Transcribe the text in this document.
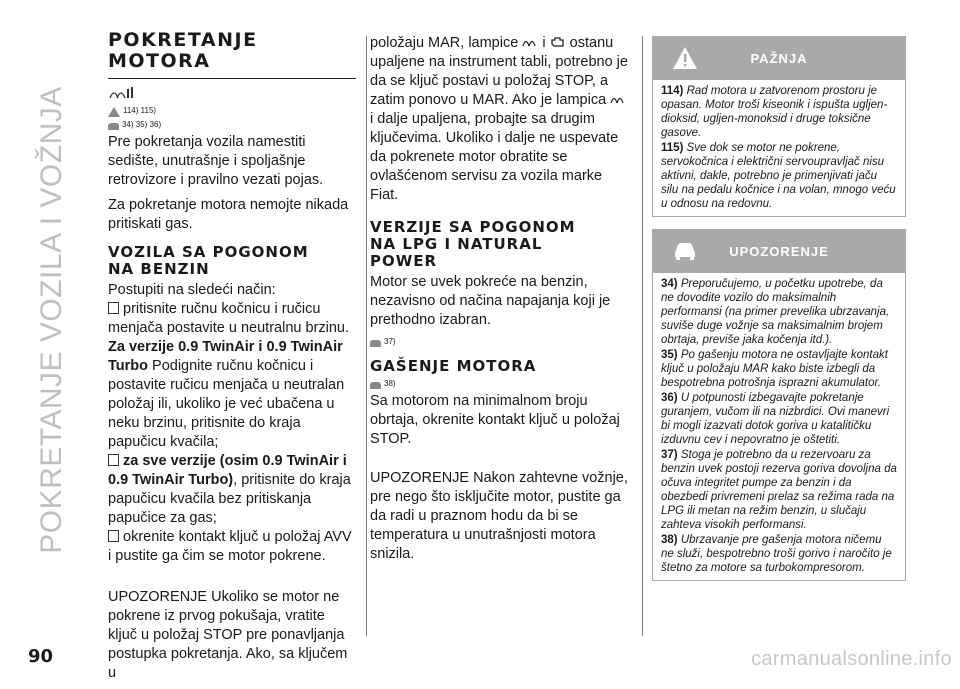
POKRETANJE VOZILA I VOŽNJA
POKRETANJE
MOTORA
114) 115)
34) 35) 36)

Pre pokretanja vozila namestiti sedište, unutrašnje i spoljašnje retrovizore i pravilno vezati pojas.

Za pokretanje motora nemojte nikada pritiskati gas.

VOZILA SA POGONOM
NA BENZIN

Postupiti na sledeći način:

pritisnite ručnu kočnicu i ručicu menjača postavite u neutralnu brzinu.

Za verzije 0.9 TwinAir i 0.9 TwinAir Turbo Podignite ručnu kočnicu i postavite ručicu menjača u neutralan položaj ili, ukoliko je već ubačena u neku brzinu, pritisnite do kraja papučicu kvačila;

za sve verzije (osim 0.9 TwinAir i 0.9 TwinAir Turbo), pritisnite do kraja papučicu kvačila bez pritiskanja papučice za gas;

okrenite kontakt ključ u položaj AVV i pustite ga čim se motor pokrene.

UPOZORENJE Ukoliko se motor ne pokrene iz prvog pokušaja, vratite ključ u položaj STOP pre ponavljanja postupka pokretanja. Ako, sa ključem u

položaju MAR, lampice i ostanu upaljene na instrument tabli, potrebno je da se ključ postavi u položaj STOP, a zatim ponovo u MAR. Ako je lampica  i dalje upaljena, probajte sa drugim ključevima. Ukoliko i dalje ne uspevate da pokrenete motor obratite se ovlašćenom servisu za vozila marke Fiat.

VERZIJE SA POGONOM
NA LPG I NATURAL
POWER

Motor se uvek pokreće na benzin, nezavisno od načina napajanja koji je prethodno izabran.

37)
GAŠENJE MOTORA
38)

Sa motorom na minimalnom broju obrtaja, okrenite kontakt ključ u položaj STOP.

UPOZORENJE Nakon zahtevne vožnje, pre nego što isključite motor, pustite ga da radi u praznom hodu da bi se temperatura u unutrašnjosti motora snizila.

PAŽNJA

114) Rad motora u zatvorenom prostoru je opasan. Motor troši kiseonik i ispušta ugljen-dioksid, ugljen-monoksid i druge toksične gasove.

115) Sve dok se motor ne pokrene, servokočnica i električni servoupravljač nisu aktivni, dakle, potrebno je primenjivati jaču silu na pedalu kočnice i na volan, mnogo veću u odnosu na redovnu.

UPOZORENJE

34) Preporučujemo, u početku upotrebe, da ne dovodite vozilo do maksimalnih performansi (na primer prevelika ubrzavanja, suviše duge vožnje sa maksimalnim brojem obrtaja, previše jaka kočenja itd.).

35) Po gašenju motora ne ostavljajte kontakt ključ u položaju MAR kako biste izbegli da bespotrebna potrošnja isprazni akumulator.

36) U potpunosti izbegavajte pokretanje guranjem, vučom ili na nizbrdici. Ovi manevri bi mogli izazvati dotok goriva u katalitičku izduvnu cev i nepovratno je oštetiti.

37) Stoga je potrebno da u rezervoaru za benzin uvek postoji rezerva goriva dovoljna da očuva integritet pumpe za benzin i da obezbedi privremeni prelaz sa režima rada na LPG ili metan na režim benzin, u slučaju zahteva visokih performansi.

38) Ubrzavanje pre gašenja motora ničemu ne služi, bespotrebno troši gorivo i naročito je štetno za motore sa turbokompresorom.

90	carmanualsonline.info
